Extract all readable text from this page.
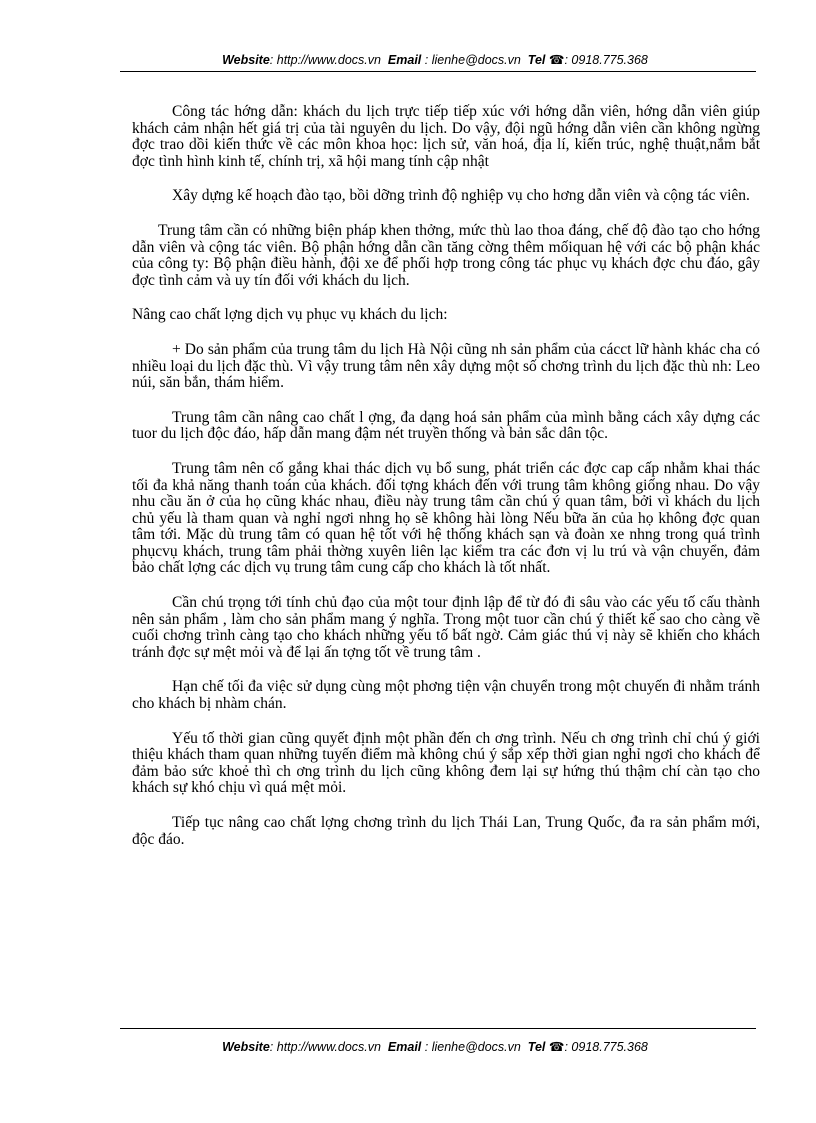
Website: http://www.docs.vn Email : lienhe@docs.vn Tel ☎: 0918.775.368

Công tác hớng dẫn: khách du lịch trực tiếp tiếp xúc với hớng dẫn viên, hớng dẫn viên giúp khách cảm nhận hết giá trị của tài nguyên du lịch. Do vậy, đội ngũ hớng dẫn viên cần không ngừng đợc trao dồi kiến thức về các môn khoa học: lịch sử, văn hoá, địa lí, kiến trúc, nghệ thuật,nắm bắt đợc tình hình kinh tế, chính trị, xã hội mang tính cập nhật

Xây dựng kế hoạch đào tạo, bồi dỡng trình độ nghiệp vụ cho hơng dẫn viên và cộng tác viên.

Trung tâm cần có những biện pháp khen thởng, mức thù lao thoa đáng, chế độ đào tạo cho hớng dẫn viên và cộng tác viên. Bộ phận hớng dẫn cần tăng cờng thêm mốiquan hệ với các bộ phận khác của công ty: Bộ phận điều hành, đội xe để phối hợp trong công tác phục vụ khách đợc chu đáo, gây đợc tình cảm và uy tín đối với khách du lịch.

Nâng cao chất lợng dịch vụ phục vụ khách du lịch:

+ Do sản phẩm của trung tâm du lịch Hà Nội cũng nh sản phẩm của cácct lữ hành khác cha có nhiều loại du lịch đặc thù. Vì vậy trung tâm nên xây dựng một số chơng trình du lịch đặc thù nh: Leo núi, săn bắn, thám hiểm.

Trung tâm cần nâng cao chất l ợng, đa dạng hoá sản phẩm của mình bằng cách xây dựng các tuor du lịch độc đáo, hấp dẫn mang đậm nét truyền thống và bản sắc dân tộc.

Trung tâm nên cố gắng khai thác dịch vụ bổ sung, phát triển các đợc cap cấp nhằm khai thác tối đa khả năng thanh toán của khách. đối tợng khách đến với trung tâm không giống nhau. Do vậy nhu cầu ăn ở của họ cũng khác nhau, điều này trung tâm cần chú ý quan tâm, bởi vì khách du lịch chủ yếu là tham quan và nghỉ ngơi nhng họ sẽ không hài lòng Nếu bữa ăn của họ không đợc quan tâm tới. Mặc dù trung tâm có quan hệ tốt với hệ thống khách sạn và đoàn xe nhng trong quá trình phụcvụ khách, trung tâm phải thờng xuyên liên lạc kiểm tra các đơn vị lu trú và vận chuyển, đảm bảo chất lợng các dịch vụ trung tâm cung cấp cho khách là tốt nhất.

Cần chú trọng tới tính chủ đạo của một tour định lập để từ đó đi sâu vào các yếu tố cấu thành nên sản phẩm , làm cho sản phẩm mang ý nghĩa. Trong một tuor cần chú ý thiết kế sao cho càng về cuối chơng trình càng tạo cho khách những yếu tố bất ngờ. Cảm giác thú vị này sẽ khiến cho khách tránh đợc sự mệt mỏi và để lại ấn tợng tốt về trung tâm .

Hạn chế tối đa việc sử dụng cùng một phơng tiện vận chuyển trong một chuyến đi nhằm tránh cho khách bị nhàm chán.

Yếu tố thời gian cũng quyết định một phần đến ch ơng trình. Nếu ch ơng trình chỉ chú ý giới thiệu khách tham quan những tuyến điểm mà không chú ý sắp xếp thời gian nghỉ ngơi cho khách để đảm bảo sức khoẻ thì ch ơng trình du lịch cũng không đem lại sự hứng thú thậm chí càn tạo cho khách sự khó chịu vì quá mệt mỏi.

Tiếp tục nâng cao chất lợng chơng trình du lịch Thái Lan, Trung Quốc, đa ra sản phẩm mới, độc đáo.

Website: http://www.docs.vn Email : lienhe@docs.vn Tel ☎: 0918.775.368
